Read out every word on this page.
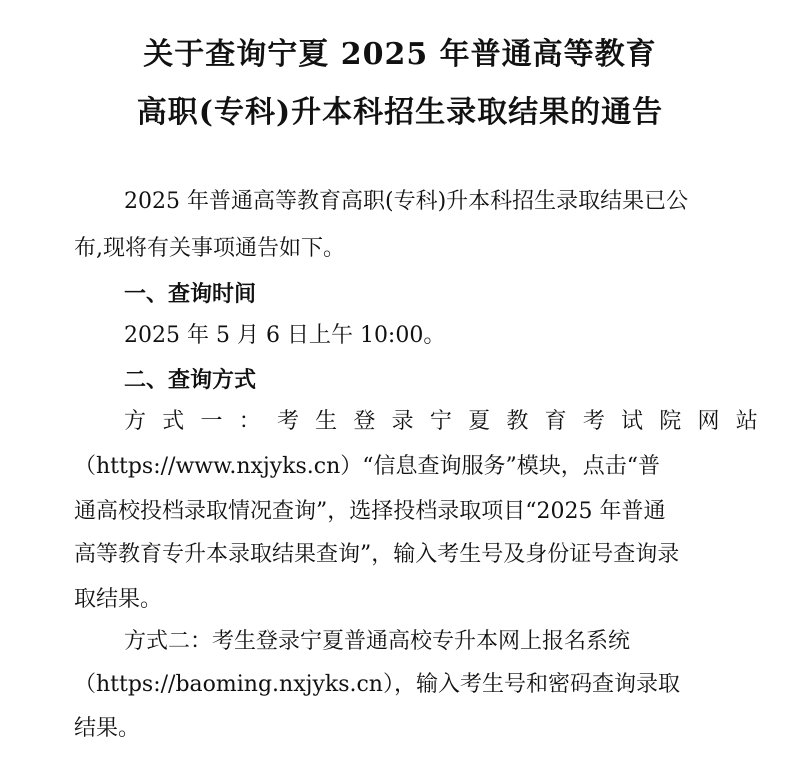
关于查询宁夏 2025 年普通高等教育
高职(专科)升本科招生录取结果的通告
2025 年普通高等教育高职(专科)升本科招生录取结果已公
布,现将有关事项通告如下。
一、查询时间
2025 年 5 月 6 日上午 10:00。
二、查询方式
方 式 一 ： 考 生 登 录 宁 夏 教 育 考 试 院 网 站
（https://www.nxjyks.cn）“信息查询服务”模块，点击“普
通高校投档录取情况查询”，选择投档录取项目“2025 年普通
高等教育专升本录取结果查询”，输入考生号及身份证号查询录
取结果。
方式二：考生登录宁夏普通高校专升本网上报名系统
（https://baoming.nxjyks.cn），输入考生号和密码查询录取
结果。
